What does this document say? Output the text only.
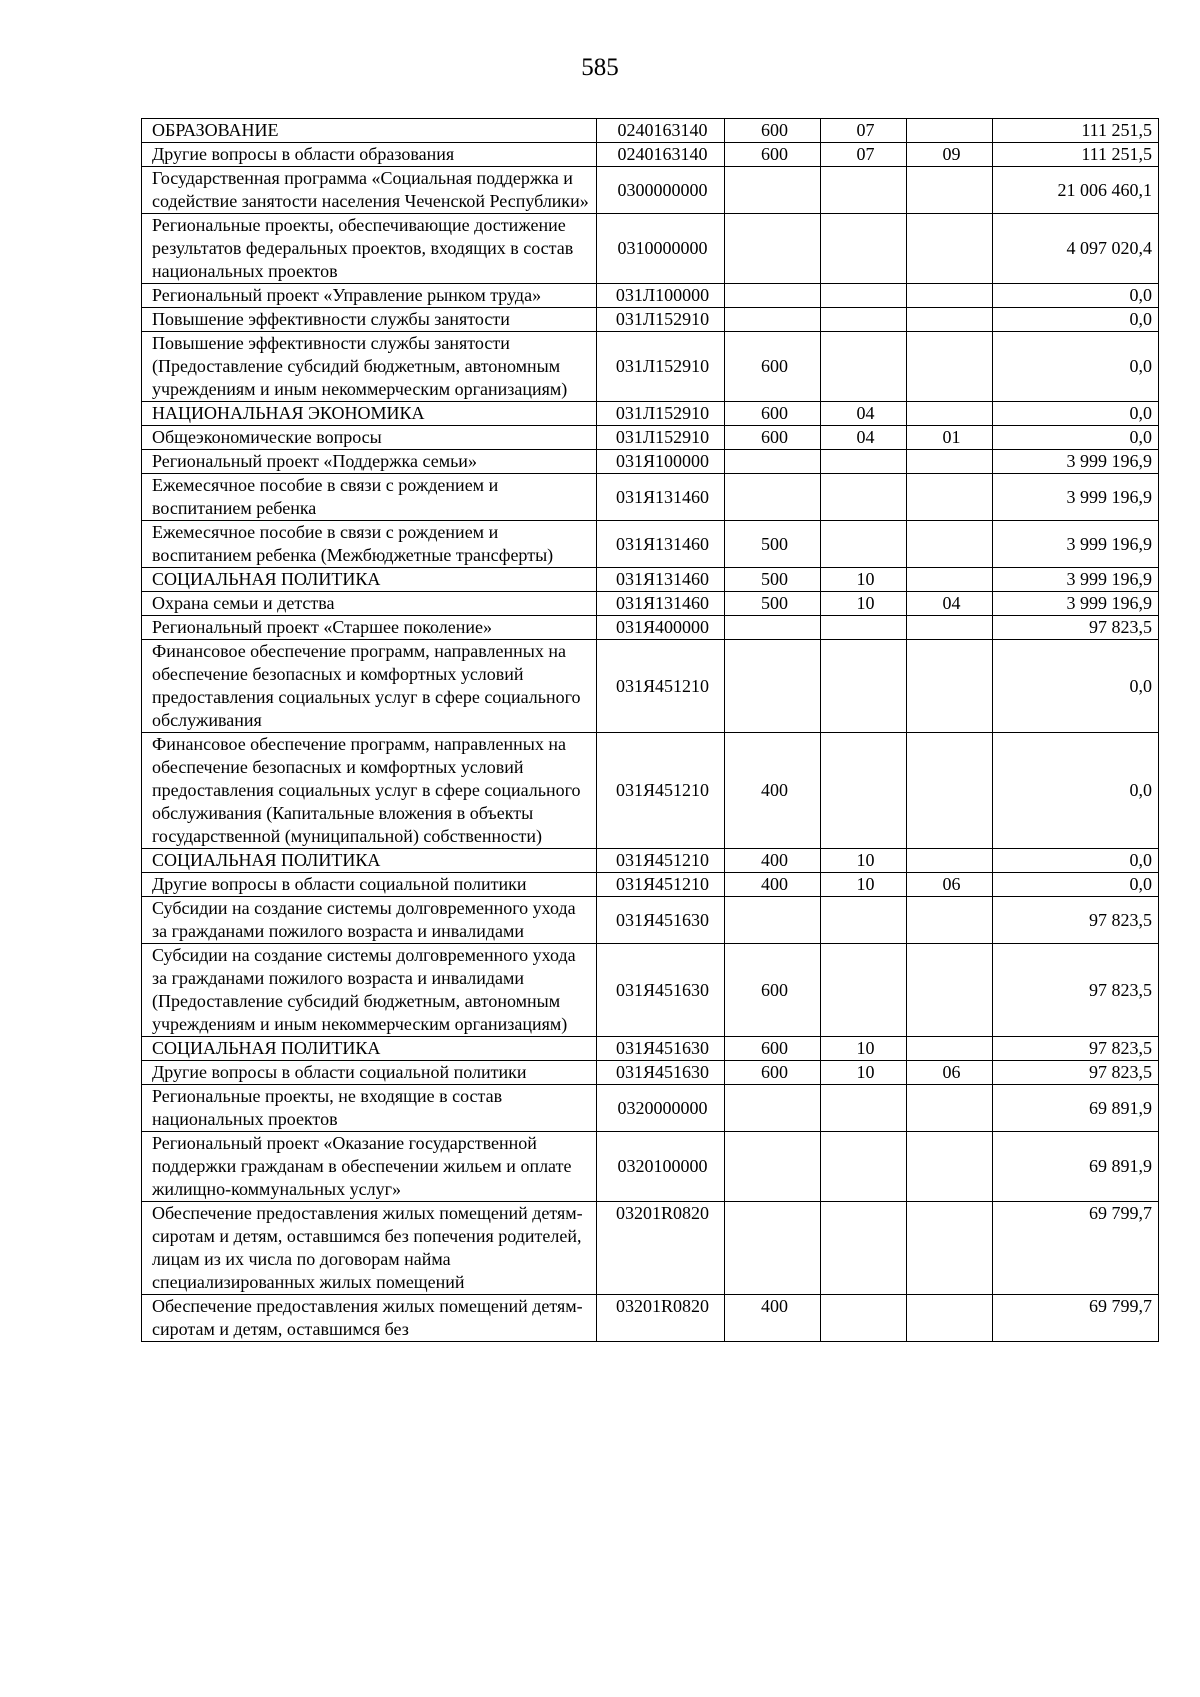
585
ОБРАЗОВАНИЕ	0240163140	600	07		111 251,5
Другие вопросы в области образования	0240163140	600	07	09	111 251,5
Государственная программа «Социальная поддержка и содействие занятости населения Чеченской Республики»	0300000000				21 006 460,1
Региональные проекты, обеспечивающие достижение результатов федеральных проектов, входящих в состав национальных проектов	0310000000				4 097 020,4
Региональный проект «Управление рынком труда»	031Л100000				0,0
Повышение эффективности службы занятости	031Л152910				0,0
Повышение эффективности службы занятости (Предоставление субсидий бюджетным, автономным учреждениям и иным некоммерческим организациям)	031Л152910	600			0,0
НАЦИОНАЛЬНАЯ ЭКОНОМИКА	031Л152910	600	04		0,0
Общеэкономические вопросы	031Л152910	600	04	01	0,0
Региональный проект «Поддержка семьи»	031Я100000				3 999 196,9
Ежемесячное пособие в связи с рождением и воспитанием ребенка	031Я131460				3 999 196,9
Ежемесячное пособие в связи с рождением и воспитанием ребенка (Межбюджетные трансферты)	031Я131460	500			3 999 196,9
СОЦИАЛЬНАЯ ПОЛИТИКА	031Я131460	500	10		3 999 196,9
Охрана семьи и детства	031Я131460	500	10	04	3 999 196,9
Региональный проект «Старшее поколение»	031Я400000				97 823,5
Финансовое обеспечение программ, направленных на обеспечение безопасных и комфортных условий предоставления социальных услуг в сфере социального обслуживания	031Я451210				0,0
Финансовое обеспечение программ, направленных на обеспечение безопасных и комфортных условий предоставления социальных услуг в сфере социального обслуживания (Капитальные вложения в объекты государственной (муниципальной) собственности)	031Я451210	400			0,0
СОЦИАЛЬНАЯ ПОЛИТИКА	031Я451210	400	10		0,0
Другие вопросы в области социальной политики	031Я451210	400	10	06	0,0
Субсидии на создание системы долговременного ухода за гражданами пожилого возраста и инвалидами	031Я451630				97 823,5
Субсидии на создание системы долговременного ухода за гражданами пожилого возраста и инвалидами (Предоставление субсидий бюджетным, автономным учреждениям и иным некоммерческим организациям)	031Я451630	600			97 823,5
СОЦИАЛЬНАЯ ПОЛИТИКА	031Я451630	600	10		97 823,5
Другие вопросы в области социальной политики	031Я451630	600	10	06	97 823,5
Региональные проекты, не входящие в состав национальных проектов	0320000000				69 891,9
Региональный проект «Оказание государственной поддержки гражданам в обеспечении жильем и оплате жилищно-коммунальных услуг»	0320100000				69 891,9
Обеспечение предоставления жилых помещений детям-сиротам и детям, оставшимся без попечения родителей, лицам из их числа по договорам найма специализированных жилых помещений	03201R0820				69 799,7
Обеспечение предоставления жилых помещений детям-сиротам и детям, оставшимся без	03201R0820	400			69 799,7
